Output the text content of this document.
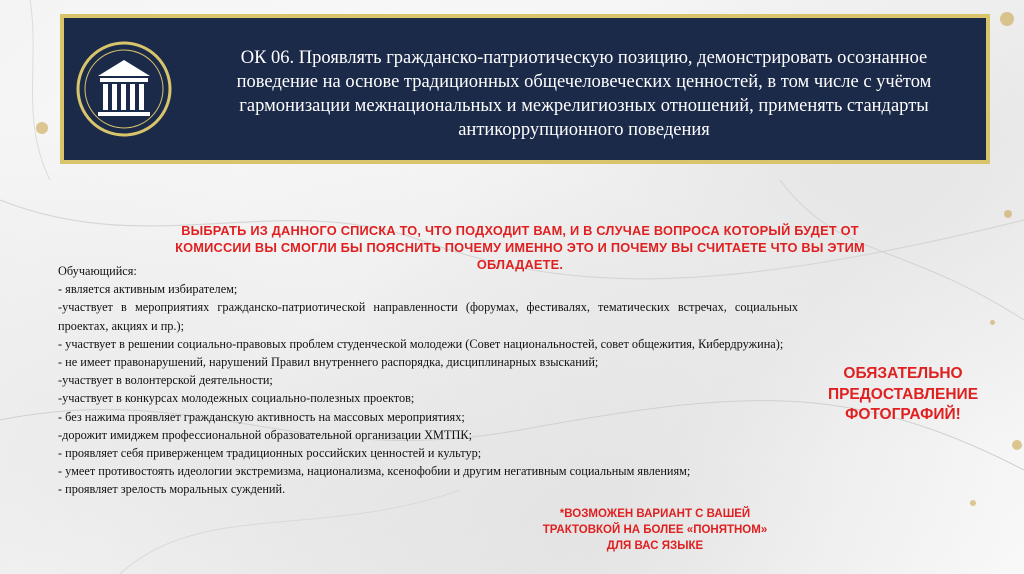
ОК 06. Проявлять гражданско-патриотическую позицию, демонстрировать осознанное поведение на основе традиционных общечеловеческих ценностей, в том числе с учётом гармонизации межнациональных и межрелигиозных отношений, применять стандарты антикоррупционного поведения
ВЫБРАТЬ ИЗ ДАННОГО СПИСКА ТО, ЧТО ПОДХОДИТ ВАМ, И В СЛУЧАЕ ВОПРОСА КОТОРЫЙ БУДЕТ ОТ КОМИССИИ ВЫ СМОГЛИ БЫ ПОЯСНИТЬ ПОЧЕМУ ИМЕННО ЭТО И ПОЧЕМУ ВЫ СЧИТАЕТЕ ЧТО ВЫ ЭТИМ ОБЛАДАЕТЕ.
Обучающийся:
- является активным избирателем;
-участвует в мероприятиях гражданско-патриотической направленности (форумах, фестивалях, тематических встречах, социальных проектах, акциях и пр.);
- участвует в решении социально-правовых проблем студенческой молодежи (Совет национальностей, совет общежития, Кибердружина);
- не имеет правонарушений, нарушений Правил внутреннего распорядка, дисциплинарных взысканий;
-участвует в волонтерской деятельности;
-участвует в конкурсах молодежных социально-полезных проектов;
- без нажима проявляет гражданскую активность на массовых мероприятиях;
-дорожит имиджем профессиональной образовательной организации ХМТПК;
- проявляет себя приверженцем традиционных российских ценностей и культур;
- умеет противостоять идеологии экстремизма, национализма, ксенофобии и другим негативным социальным явлениям;
- проявляет зрелость моральных суждений.
ОБЯЗАТЕЛЬНО ПРЕДОСТАВЛЕНИЕ ФОТОГРАФИЙ!
*ВОЗМОЖЕН ВАРИАНТ С ВАШЕЙ ТРАКТОВКОЙ НА БОЛЕЕ «ПОНЯТНОМ» ДЛЯ ВАС ЯЗЫКЕ
